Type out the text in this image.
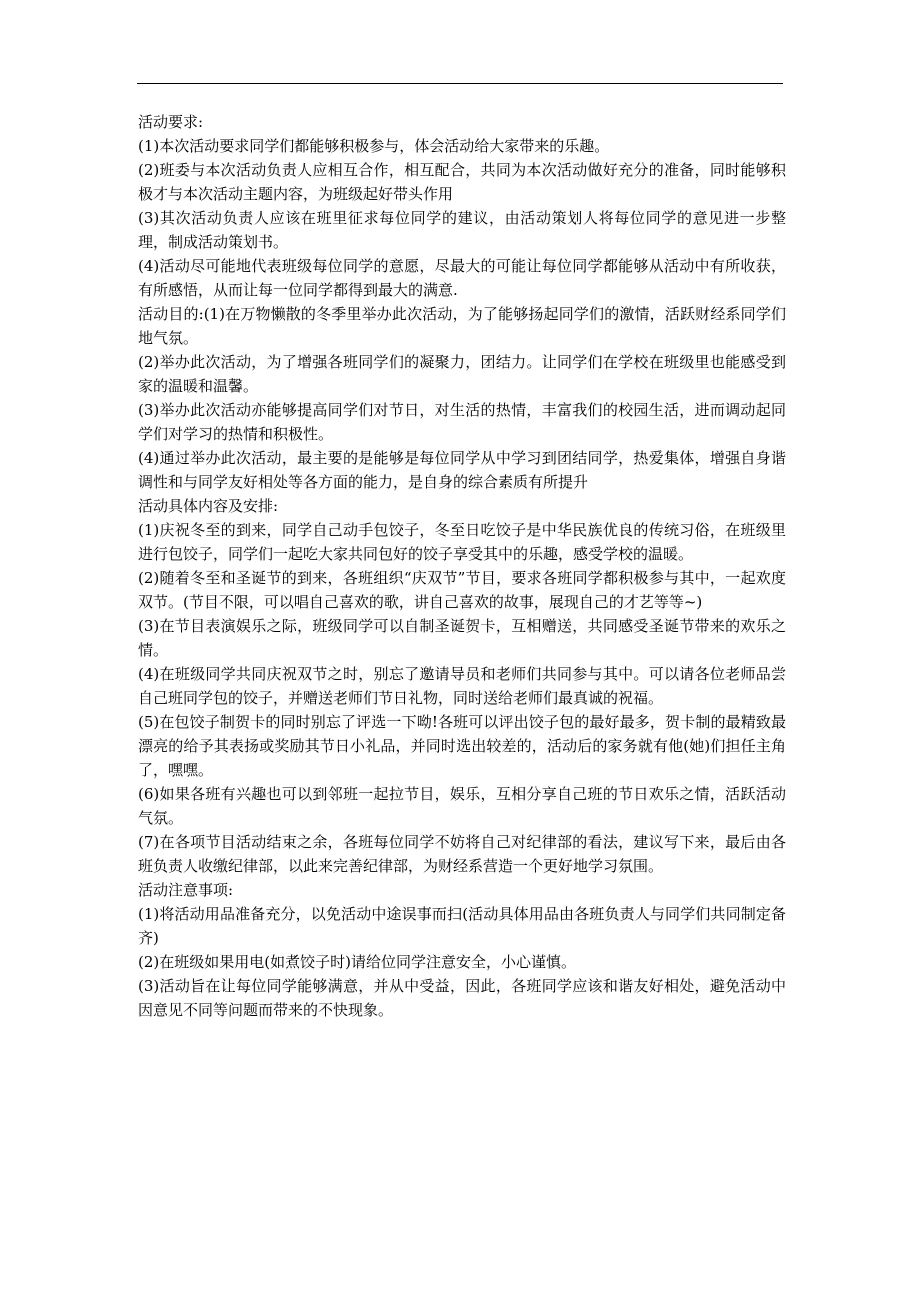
活动要求:

(1)本次活动要求同学们都能够积极参与，体会活动给大家带来的乐趣。

(2)班委与本次活动负责人应相互合作，相互配合，共同为本次活动做好充分的准备，同时能够积极才与本次活动主题内容，为班级起好带头作用

(3)其次活动负责人应该在班里征求每位同学的建议，由活动策划人将每位同学的意见进一步整理，制成活动策划书。

(4)活动尽可能地代表班级每位同学的意愿，尽最大的可能让每位同学都能够从活动中有所收获，有所感悟，从而让每一位同学都得到最大的满意.

活动目的:(1)在万物懒散的冬季里举办此次活动，为了能够扬起同学们的激情，活跃财经系同学们地气氛。

(2)举办此次活动，为了增强各班同学们的凝聚力，团结力。让同学们在学校在班级里也能感受到家的温暖和温馨。

(3)举办此次活动亦能够提高同学们对节日，对生活的热情，丰富我们的校园生活，进而调动起同学们对学习的热情和积极性。

(4)通过举办此次活动，最主要的是能够是每位同学从中学习到团结同学，热爱集体，增强自身谐调性和与同学友好相处等各方面的能力，是自身的综合素质有所提升

活动具体内容及安排:

(1)庆祝冬至的到来，同学自己动手包饺子，冬至日吃饺子是中华民族优良的传统习俗，在班级里进行包饺子，同学们一起吃大家共同包好的饺子享受其中的乐趣，感受学校的温暖。

(2)随着冬至和圣诞节的到来，各班组织“庆双节”节目，要求各班同学都积极参与其中，一起欢度双节。(节目不限，可以唱自己喜欢的歌，讲自己喜欢的故事，展现自己的才艺等等~)

(3)在节目表演娱乐之际，班级同学可以自制圣诞贺卡，互相赠送，共同感受圣诞节带来的欢乐之情。

(4)在班级同学共同庆祝双节之时，别忘了邀请导员和老师们共同参与其中。可以请各位老师品尝自己班同学包的饺子，并赠送老师们节日礼物，同时送给老师们最真诚的祝福。

(5)在包饺子制贺卡的同时别忘了评选一下呦!各班可以评出饺子包的最好最多，贺卡制的最精致最漂亮的给予其表扬或奖励其节日小礼品，并同时选出较差的，活动后的家务就有他(她)们担任主角了，嘿嘿。

(6)如果各班有兴趣也可以到邻班一起拉节目，娱乐，互相分享自己班的节日欢乐之情，活跃活动气氛。

(7)在各项节目活动结束之余，各班每位同学不妨将自己对纪律部的看法，建议写下来，最后由各班负责人收缴纪律部，以此来完善纪律部，为财经系营造一个更好地学习氛围。

活动注意事项:

(1)将活动用品准备充分，以免活动中途误事而扫(活动具体用品由各班负责人与同学们共同制定备齐)

(2)在班级如果用电(如煮饺子时)请给位同学注意安全，小心谨慎。

(3)活动旨在让每位同学能够满意，并从中受益，因此，各班同学应该和谐友好相处，避免活动中因意见不同等问题而带来的不快现象。
